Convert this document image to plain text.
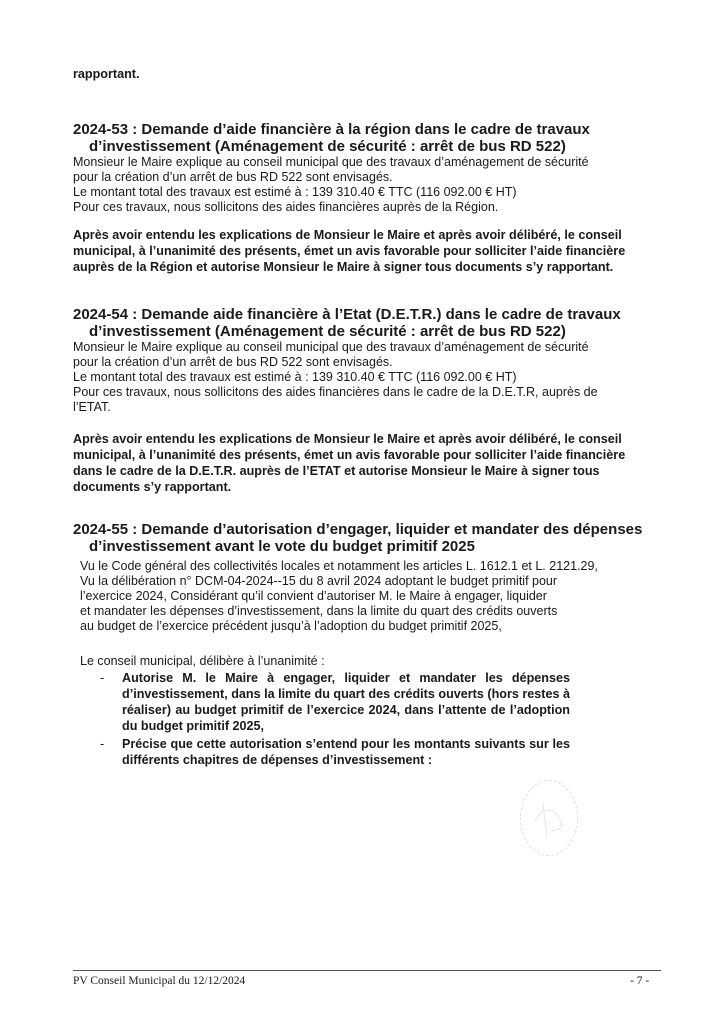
rapportant.

2024-53 : Demande d’aide financière à la région dans le cadre de travaux

d’investissement (Aménagement de sécurité : arrêt de bus RD 522)

Monsieur le Maire explique au conseil municipal que des travaux d’aménagement de sécurité

pour la création d’un arrêt de bus RD 522 sont envisagés.

Le montant total des travaux est estimé à : 139 310.40 € TTC (116 092.00 € HT)

Pour ces travaux, nous sollicitons des aides financières auprès de la Région.

Après avoir entendu les explications de Monsieur le Maire et après avoir délibéré, le conseil

municipal, à l’unanimité des présents, émet un avis favorable pour solliciter l’aide financière

auprès de la Région et autorise Monsieur le Maire à signer tous documents s’y rapportant.

2024-54 : Demande aide financière à l’Etat (D.E.T.R.) dans le cadre de travaux

d’investissement (Aménagement de sécurité : arrêt de bus RD 522)

Monsieur le Maire explique au conseil municipal que des travaux d’aménagement de sécurité

pour la création d’un arrêt de bus RD 522 sont envisagés.

Le montant total des travaux est estimé à : 139 310.40 € TTC (116 092.00 € HT)

Pour ces travaux, nous sollicitons des aides financières dans le cadre de la D.E.T.R, auprès de

l’ETAT.

Après avoir entendu les explications de Monsieur le Maire et après avoir délibéré, le conseil

municipal, à l’unanimité des présents, émet un avis favorable pour solliciter l’aide financière

dans le cadre de la D.E.T.R. auprès de l’ETAT et autorise Monsieur le Maire à signer tous

documents s’y rapportant.

2024-55 : Demande d’autorisation d’engager, liquider et mandater des dépenses

d’investissement avant le vote du budget primitif 2025

Vu le Code général des collectivités locales et notamment les articles L. 1612.1 et L. 2121.29,

Vu la délibération n° DCM-04-2024--15 du 8 avril 2024 adoptant le budget primitif pour

l’exercice 2024, Considérant qu’il convient d’autoriser M. le Maire à engager, liquider

et mandater les dépenses d’investissement, dans la limite du quart des crédits ouverts

au budget de l’exercice précédent jusqu’à l’adoption du budget primitif 2025,

Le conseil municipal, délibère à l’unanimité :

- Autorise M. le Maire à engager, liquider et mandater les dépenses d’investissement, dans la limite du quart des crédits ouverts (hors restes à réaliser) au budget primitif de l’exercice 2024, dans l’attente de l’adoption du budget primitif 2025,
- Précise que cette autorisation s’entend pour les montants suivants sur les différents chapitres de dépenses d’investissement :
PV Conseil Municipal du 12/12/2024	- 7 -
